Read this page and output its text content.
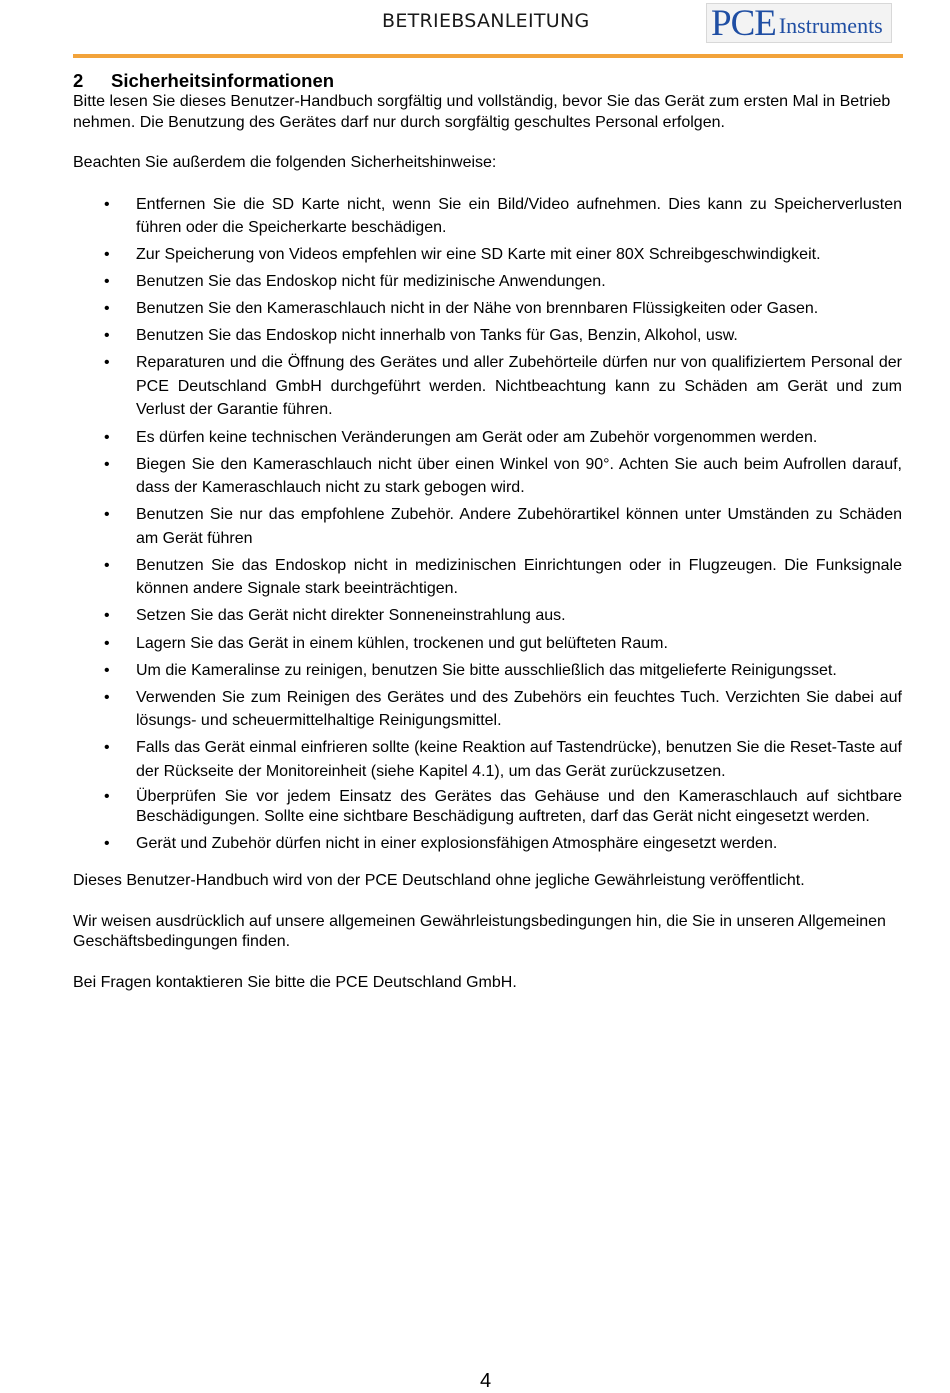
BETRIEBSANLEITUNG	PCE Instruments
2 Sicherheitsinformationen

Bitte lesen Sie dieses Benutzer-Handbuch sorgfältig und vollständig, bevor Sie das Gerät zum ersten Mal in Betrieb nehmen. Die Benutzung des Gerätes darf nur durch sorgfältig geschultes Personal erfolgen.

Beachten Sie außerdem die folgenden Sicherheitshinweise:

• Entfernen Sie die SD Karte nicht, wenn Sie ein Bild/Video aufnehmen. Dies kann zu Speicherverlusten führen oder die Speicherkarte beschädigen.
• Zur Speicherung von Videos empfehlen wir eine SD Karte mit einer 80X Schreibgeschwindigkeit.
• Benutzen Sie das Endoskop nicht für medizinische Anwendungen.
• Benutzen Sie den Kameraschlauch nicht in der Nähe von brennbaren Flüssigkeiten oder Gasen.
• Benutzen Sie das Endoskop nicht innerhalb von Tanks für Gas, Benzin, Alkohol, usw.
• Reparaturen und die Öffnung des Gerätes und aller Zubehörteile dürfen nur von qualifiziertem Personal der PCE Deutschland GmbH durchgeführt werden. Nichtbeachtung kann zu Schäden am Gerät und zum Verlust der Garantie führen.
• Es dürfen keine technischen Veränderungen am Gerät oder am Zubehör vorgenommen werden.
• Biegen Sie den Kameraschlauch nicht über einen Winkel von 90°. Achten Sie auch beim Aufrollen darauf, dass der Kameraschlauch nicht zu stark gebogen wird.
• Benutzen Sie nur das empfohlene Zubehör. Andere Zubehörartikel können unter Umständen zu Schäden am Gerät führen
• Benutzen Sie das Endoskop nicht in medizinischen Einrichtungen oder in Flugzeugen. Die Funksignale können andere Signale stark beeinträchtigen.
• Setzen Sie das Gerät nicht direkter Sonneneinstrahlung aus.
• Lagern Sie das Gerät in einem kühlen, trockenen und gut belüfteten Raum.
• Um die Kameralinse zu reinigen, benutzen Sie bitte ausschließlich das mitgelieferte Reinigungsset.
• Verwenden Sie zum Reinigen des Gerätes und des Zubehörs ein feuchtes Tuch. Verzichten Sie dabei auf lösungs- und scheuermittelhaltige Reinigungsmittel.
• Falls das Gerät einmal einfrieren sollte (keine Reaktion auf Tastendrücke), benutzen Sie die Reset-Taste auf der Rückseite der Monitoreinheit (siehe Kapitel 4.1), um das Gerät zurückzusetzen.
• Überprüfen Sie vor jedem Einsatz des Gerätes das Gehäuse und den Kameraschlauch auf sichtbare Beschädigungen. Sollte eine sichtbare Beschädigung auftreten, darf das Gerät nicht eingesetzt werden.
• Gerät und Zubehör dürfen nicht in einer explosionsfähigen Atmosphäre eingesetzt werden.

Dieses Benutzer-Handbuch wird von der PCE Deutschland ohne jegliche Gewährleistung veröffentlicht.

Wir weisen ausdrücklich auf unsere allgemeinen Gewährleistungsbedingungen hin, die Sie in unseren Allgemeinen Geschäftsbedingungen finden.

Bei Fragen kontaktieren Sie bitte die PCE Deutschland GmbH.

4
